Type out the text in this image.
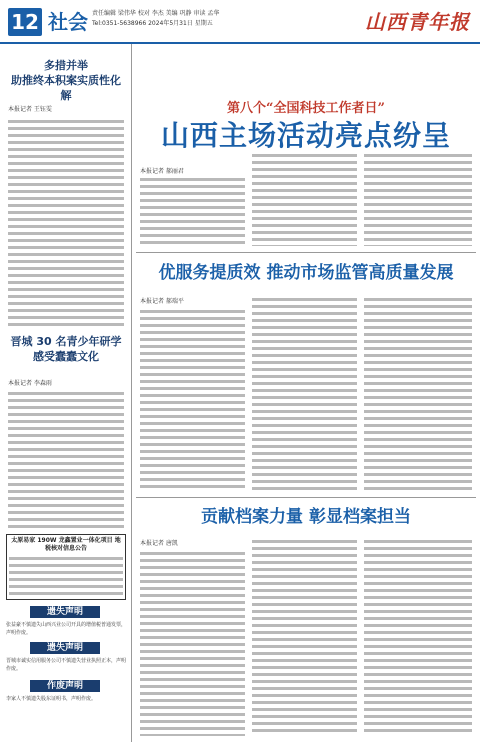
12 社会 责任编辑 梁伟华 校对 李杰 美编 巩静 审读 孟华
Tel:0351-5638966 2024年5月31日 星期五	山西青年报
多措并举
助推终本积案实质性化解
本报记者 王钰雯
晋城 30 名青少年研学
感受蠢蠢文化
本报记者 李森雨
太原易家 190W 龙鑫置业一体化项目 地税核对信息公告
遗失声明
张益豪不慎遗失山西兴业公司开具的增值税普通发票，声明作废。
遗失声明
晋城市诚实信用服务公司不慎遗失营业执照正本，声明作废。
作废声明
李家人不慎遗失股东证明书，声明作废。
第八个“全国科技工作者日”
山西主场活动亮点纷呈
本报记者 郝丽君
优服务提质效 推动市场监管高质量发展
本报记者 郝瑞平
贡献档案力量 彰显档案担当
本报记者 唐凯
